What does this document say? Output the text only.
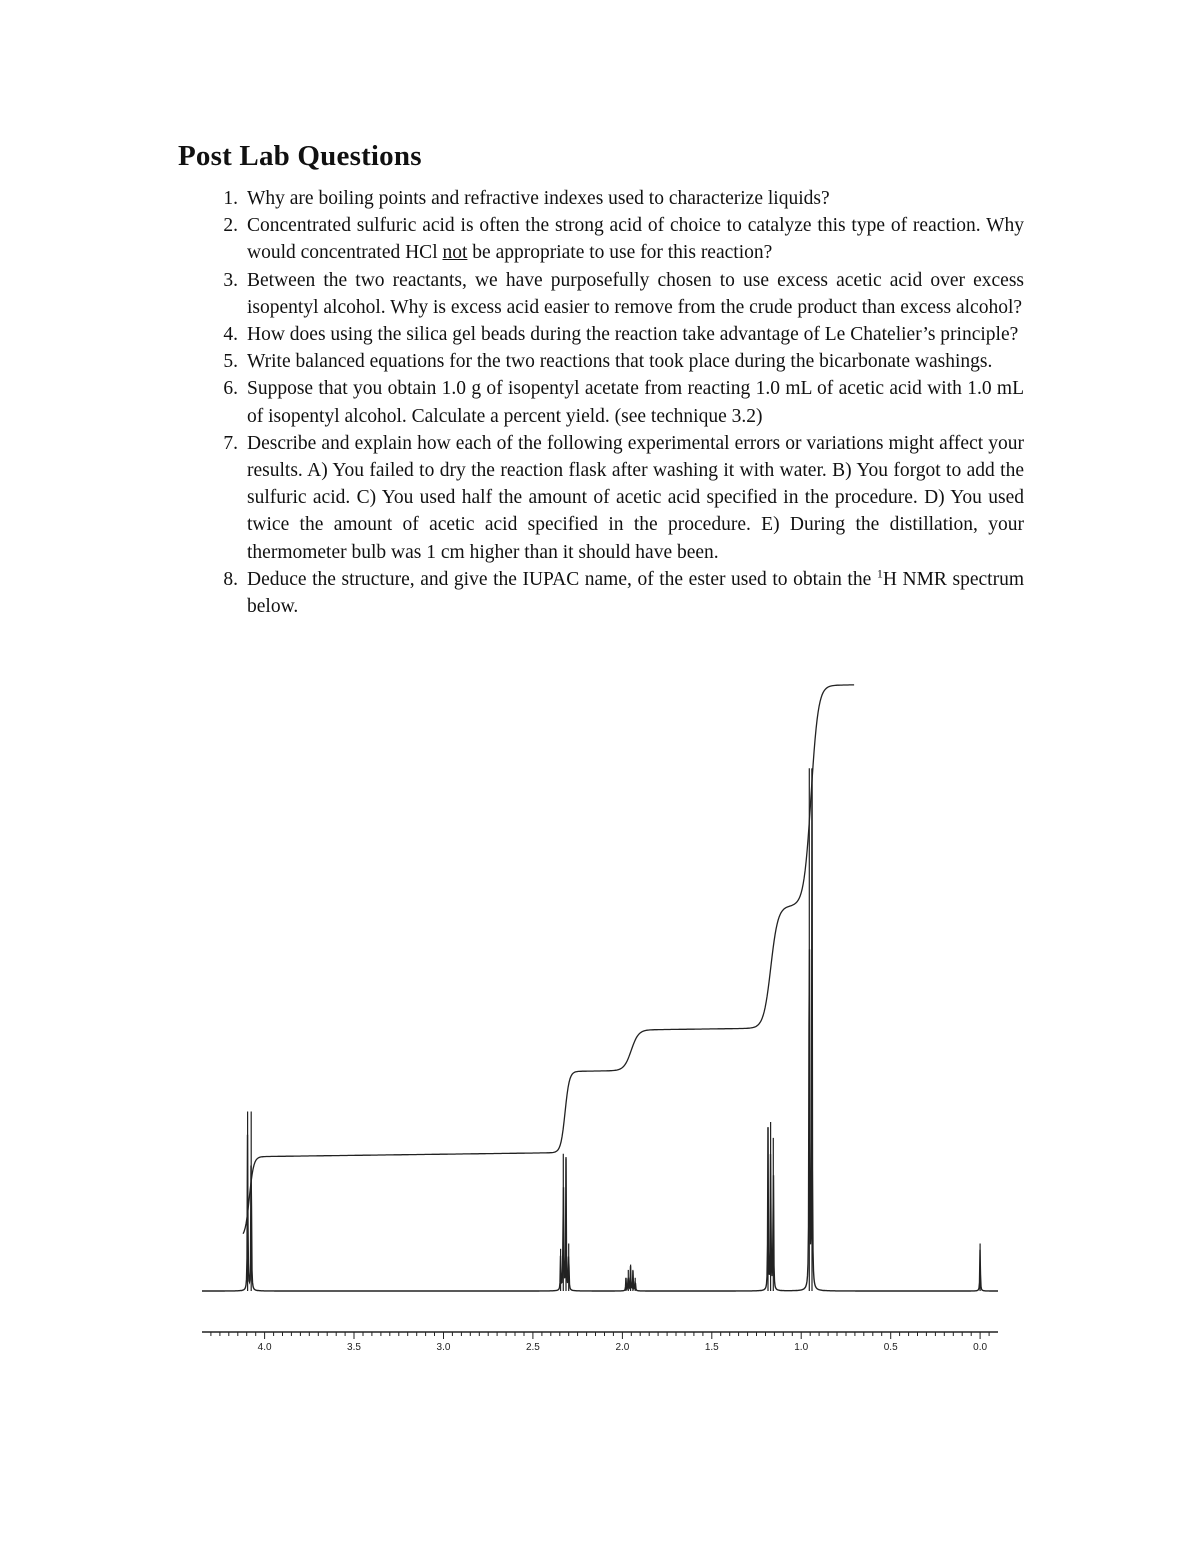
Post Lab Questions
1. Why are boiling points and refractive indexes used to characterize liquids?
2. Concentrated sulfuric acid is often the strong acid of choice to catalyze this type of reaction. Why would concentrated HCl not be appropriate to use for this reaction?
3. Between the two reactants, we have purposefully chosen to use excess acetic acid over excess isopentyl alcohol. Why is excess acid easier to remove from the crude product than excess alcohol?
4. How does using the silica gel beads during the reaction take advantage of Le Chatelier’s principle?
5. Write balanced equations for the two reactions that took place during the bicarbonate washings.
6. Suppose that you obtain 1.0 g of isopentyl acetate from reacting 1.0 mL of acetic acid with 1.0 mL of isopentyl alcohol. Calculate a percent yield. (see technique 3.2)
7. Describe and explain how each of the following experimental errors or variations might affect your results. A) You failed to dry the reaction flask after washing it with water. B) You forgot to add the sulfuric acid. C) You used half the amount of acetic acid specified in the procedure. D) You used twice the amount of acetic acid specified in the procedure. E) During the distillation, your thermometer bulb was 1 cm higher than it should have been.
8. Deduce the structure, and give the IUPAC name, of the ester used to obtain the $^1$H NMR spectrum below.
4.0	3.5	3.0	2.5	2.0	1.5	1.0	0.5	0.0
